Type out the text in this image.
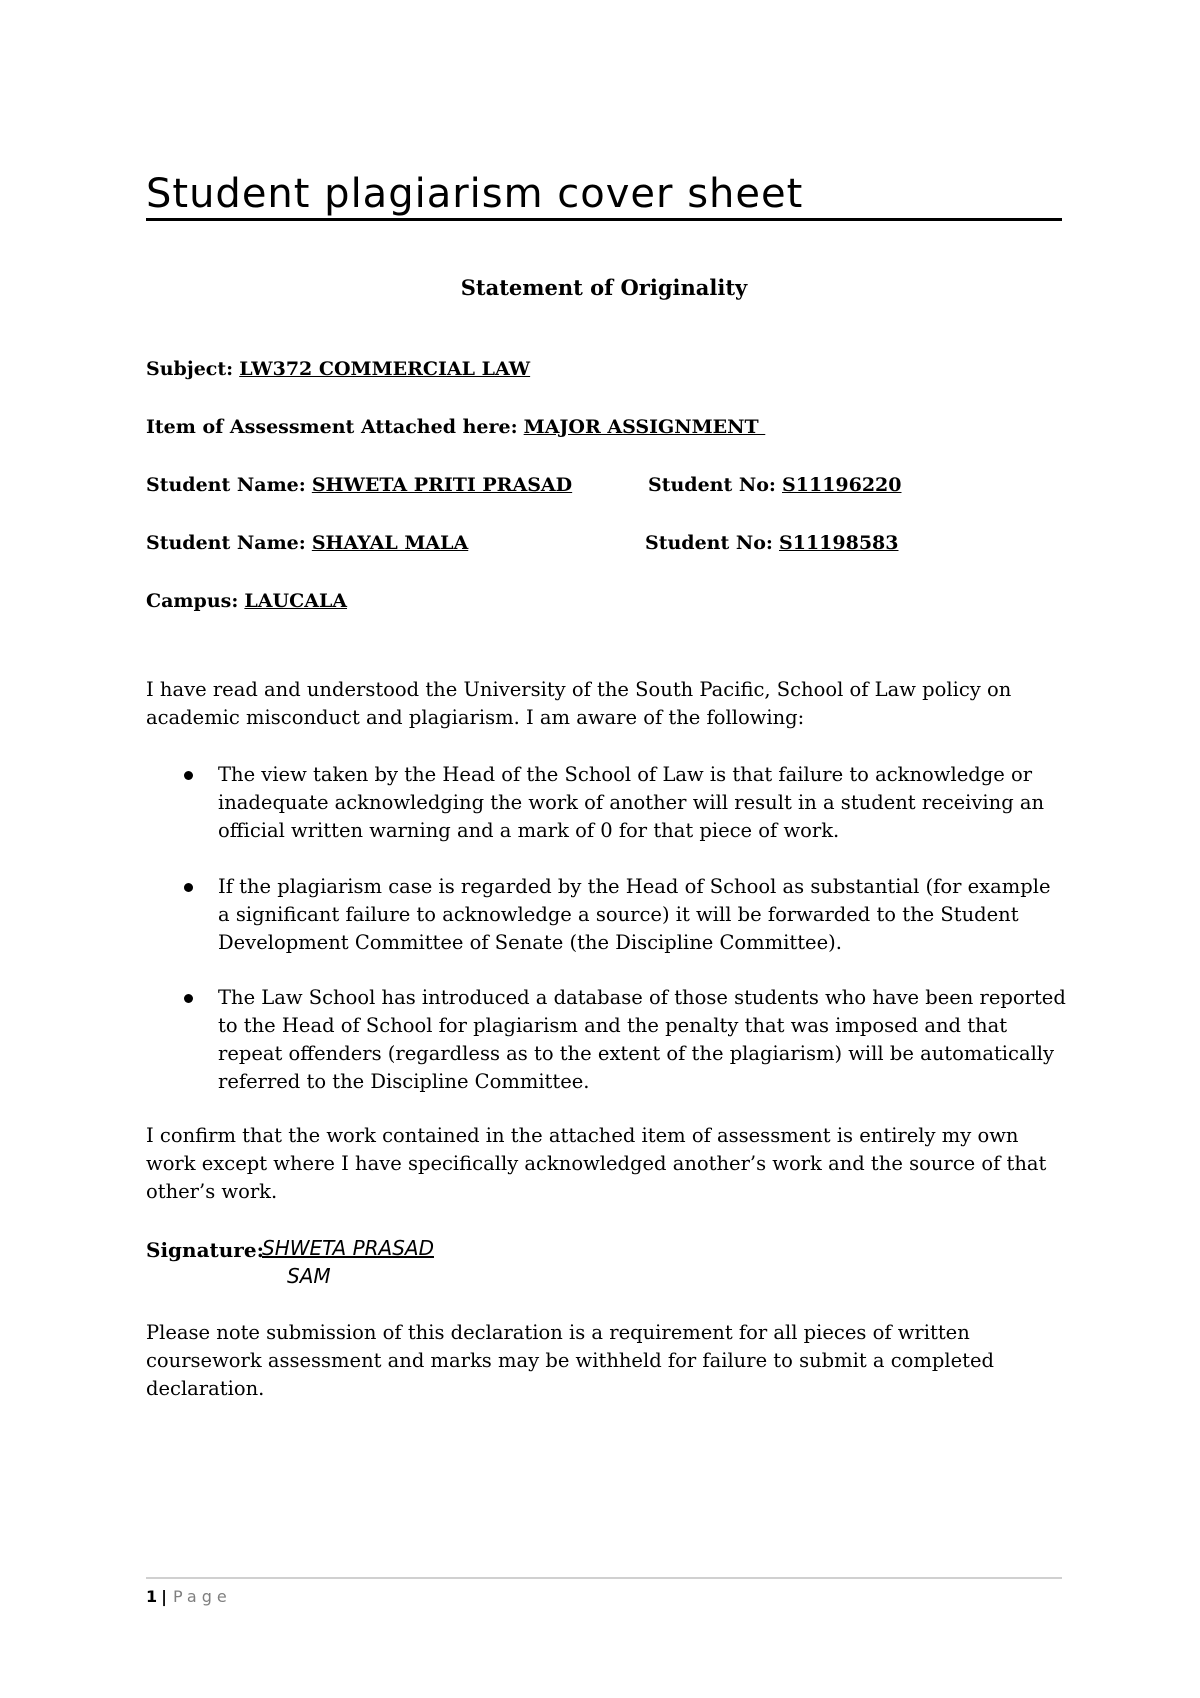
Student plagiarism cover sheet
Statement of Originality
Subject: LW372 COMMERCIAL LAW
Item of Assessment Attached here: MAJOR ASSIGNMENT
Student Name: SHWETA PRITI PRASAD	Student No: S11196220
Student Name: SHAYAL MALA	Student No: S11198583
Campus: LAUCALA
I have read and understood the University of the South Pacific, School of Law policy on academic misconduct and plagiarism. I am aware of the following:
The view taken by the Head of the School of Law is that failure to acknowledge or inadequate acknowledging the work of another will result in a student receiving an official written warning and a mark of 0 for that piece of work.
If the plagiarism case is regarded by the Head of School as substantial (for example a significant failure to acknowledge a source) it will be forwarded to the Student Development Committee of Senate (the Discipline Committee).
The Law School has introduced a database of those students who have been reported to the Head of School for plagiarism and the penalty that was imposed and that repeat offenders (regardless as to the extent of the plagiarism) will be automatically referred to the Discipline Committee.
I confirm that the work contained in the attached item of assessment is entirely my own work except where I have specifically acknowledged another’s work and the source of that other’s work.
Signature:
SHWETA PRASAD
SAM
Please note submission of this declaration is a requirement for all pieces of written coursework assessment and marks may be withheld for failure to submit a completed declaration.
1 | Page
